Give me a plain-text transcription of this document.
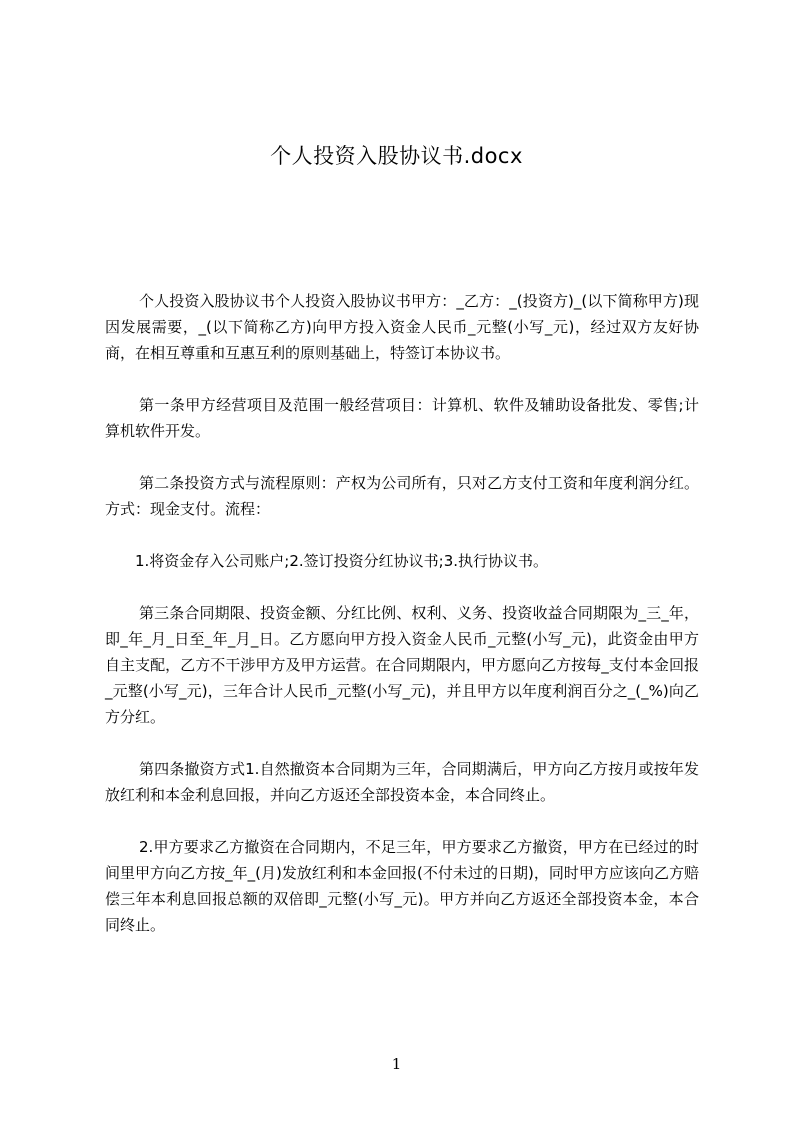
个人投资入股协议书.docx

个人投资入股协议书个人投资入股协议书甲方：_乙方：_(投资方)_(以下简称甲方)现因发展需要，_(以下简称乙方)向甲方投入资金人民币_元整(小写_元)，经过双方友好协商，在相互尊重和互惠互利的原则基础上，特签订本协议书。

第一条甲方经营项目及范围一般经营项目：计算机、软件及辅助设备批发、零售;计算机软件开发。

第二条投资方式与流程原则：产权为公司所有，只对乙方支付工资和年度利润分红。方式：现金支付。流程：

1.将资金存入公司账户;2.签订投资分红协议书;3.执行协议书。

第三条合同期限、投资金额、分红比例、权利、义务、投资收益合同期限为_三_年，即_年_月_日至_年_月_日。乙方愿向甲方投入资金人民币_元整(小写_元)，此资金由甲方自主支配，乙方不干涉甲方及甲方运营。在合同期限内，甲方愿向乙方按每_支付本金回报_元整(小写_元)，三年合计人民币_元整(小写_元)，并且甲方以年度利润百分之_(_%)向乙方分红。

第四条撤资方式1.自然撤资本合同期为三年，合同期满后，甲方向乙方按月或按年发放红利和本金利息回报，并向乙方返还全部投资本金，本合同终止。

2.甲方要求乙方撤资在合同期内，不足三年，甲方要求乙方撤资，甲方在已经过的时间里甲方向乙方按_年_(月)发放红利和本金回报(不付未过的日期)，同时甲方应该向乙方赔偿三年本利息回报总额的双倍即_元整(小写_元)。甲方并向乙方返还全部投资本金，本合同终止。

1
